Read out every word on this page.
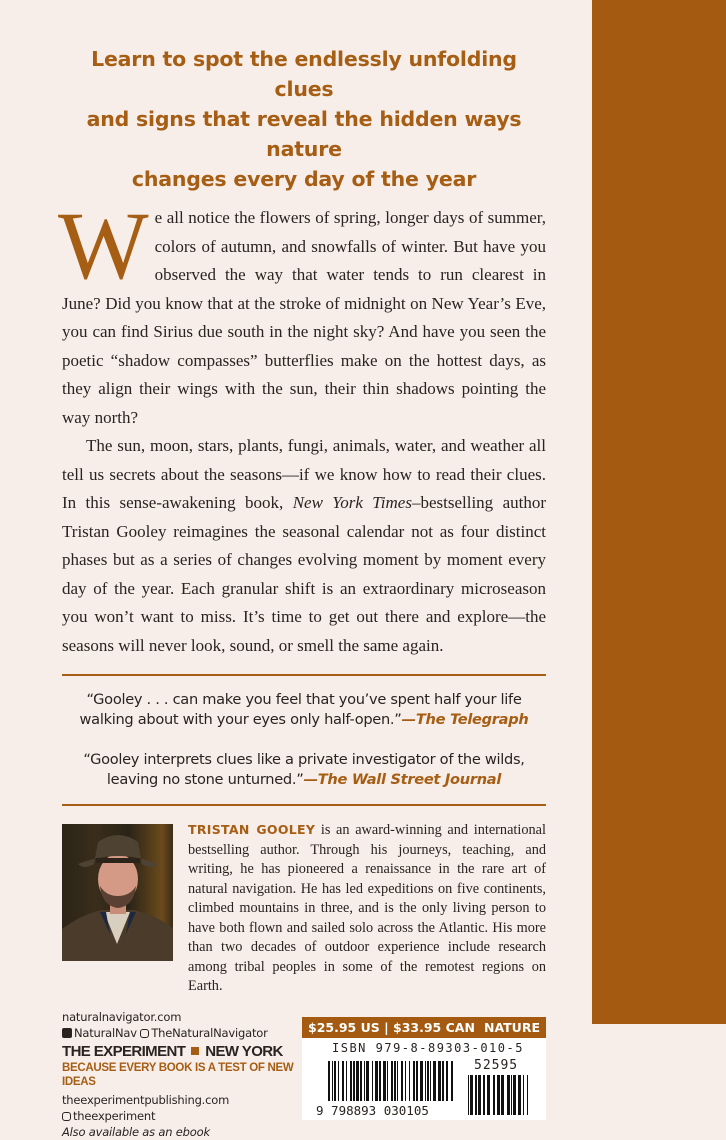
Learn to spot the endlessly unfolding clues
and signs that reveal the hidden ways nature
changes every day of the year

We all notice the flowers of spring, longer days of summer, colors of autumn, and snowfalls of winter. But have you observed the way that water tends to run clearest in June? Did you know that at the stroke of midnight on New Year’s Eve, you can find Sirius due south in the night sky? And have you seen the poetic “shadow compasses” butterflies make on the hottest days, as they align their wings with the sun, their thin shadows pointing the way north?

The sun, moon, stars, plants, fungi, animals, water, and weather all tell us secrets about the seasons—if we know how to read their clues. In this sense-awakening book, New York Times–bestselling author Tristan Gooley reimagines the seasonal calendar not as four distinct phases but as a series of changes evolving moment by moment every day of the year. Each granular shift is an extraordinary microseason you won’t want to miss. It’s time to get out there and explore—the seasons will never look, sound, or smell the same again.

“Gooley . . . can make you feel that you’ve spent half your life walking about with your eyes only half-open.”—The Telegraph
“Gooley interprets clues like a private investigator of the wilds, leaving no stone unturned.”—The Wall Street Journal
TRISTAN GOOLEY is an award-winning and international bestselling author. Through his journeys, teaching, and writing, he has pioneered a renaissance in the rare art of natural navigation. He has led expeditions on five continents, climbed mountains in three, and is the only living person to have both flown and sailed solo across the Atlantic. His more than two decades of outdoor experience include research among tribal peoples in some of the remotest regions on Earth.
naturalnavigator.com
NaturalNav TheNaturalNavigator
THE EXPERIMENT NEW YORK
BECAUSE EVERY BOOK IS A TEST OF NEW IDEAS
theexperimentpublishing.com
theexperiment
Also available as an ebook
$25.95 US | $33.95 CAN NATURE
ISBN 979-8-89303-010-5
52595
9 798893 030105
